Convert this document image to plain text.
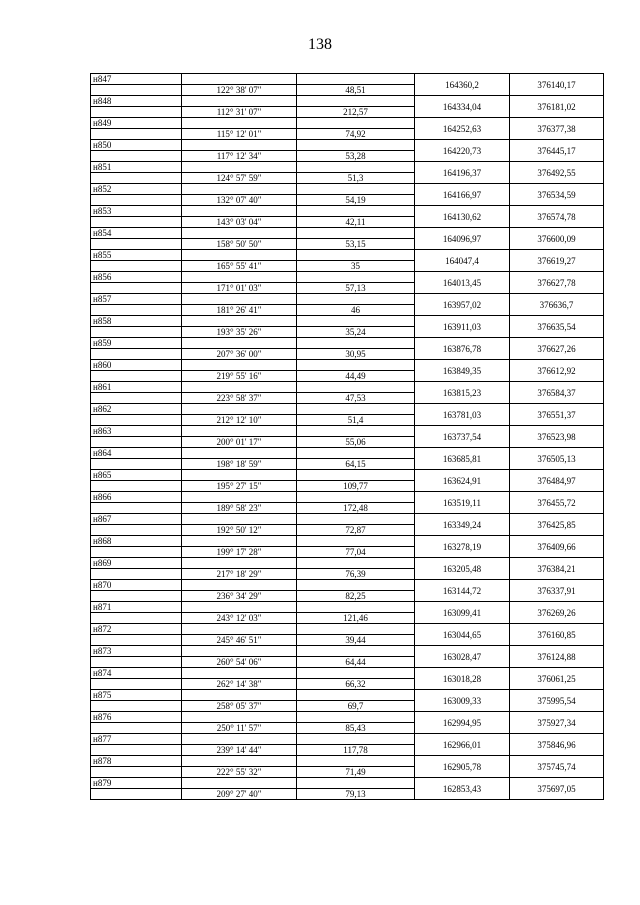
138
н847			164360,2	376140,17
	122° 38' 07"	48,51		
н848			164334,04	376181,02
	112° 31' 07"	212,57		
н849			164252,63	376377,38
	115° 12' 01"	74,92		
н850			164220,73	376445,17
	117° 12' 34"	53,28		
н851			164196,37	376492,55
	124° 57' 59"	51,3		
н852			164166,97	376534,59
	132° 07' 40"	54,19		
н853			164130,62	376574,78
	143° 03' 04"	42,11		
н854			164096,97	376600,09
	158° 50' 50"	53,15		
н855			164047,4	376619,27
	165° 55' 41"	35		
н856			164013,45	376627,78
	171° 01' 03"	57,13		
н857			163957,02	376636,7
	181° 26' 41"	46		
н858			163911,03	376635,54
	193° 35' 26"	35,24		
н859			163876,78	376627,26
	207° 36' 00"	30,95		
н860			163849,35	376612,92
	219° 55' 16"	44,49		
н861			163815,23	376584,37
	223° 58' 37"	47,53		
н862			163781,03	376551,37
	212° 12' 10"	51,4		
н863			163737,54	376523,98
	200° 01' 17"	55,06		
н864			163685,81	376505,13
	198° 18' 59"	64,15		
н865			163624,91	376484,97
	195° 27' 15"	109,77		
н866			163519,11	376455,72
	189° 58' 23"	172,48		
н867			163349,24	376425,85
	192° 50' 12"	72,87		
н868			163278,19	376409,66
	199° 17' 28"	77,04		
н869			163205,48	376384,21
	217° 18' 29"	76,39		
н870			163144,72	376337,91
	236° 34' 29"	82,25		
н871			163099,41	376269,26
	243° 12' 03"	121,46		
н872			163044,65	376160,85
	245° 46' 51"	39,44		
н873			163028,47	376124,88
	260° 54' 06"	64,44		
н874			163018,28	376061,25
	262° 14' 38"	66,32		
н875			163009,33	375995,54
	258° 05' 37"	69,7		
н876			162994,95	375927,34
	250° 11' 57"	85,43		
н877			162966,01	375846,96
	239° 14' 44"	117,78		
н878			162905,78	375745,74
	222° 55' 32"	71,49		
н879			162853,43	375697,05
	209° 27' 40"	79,13		
